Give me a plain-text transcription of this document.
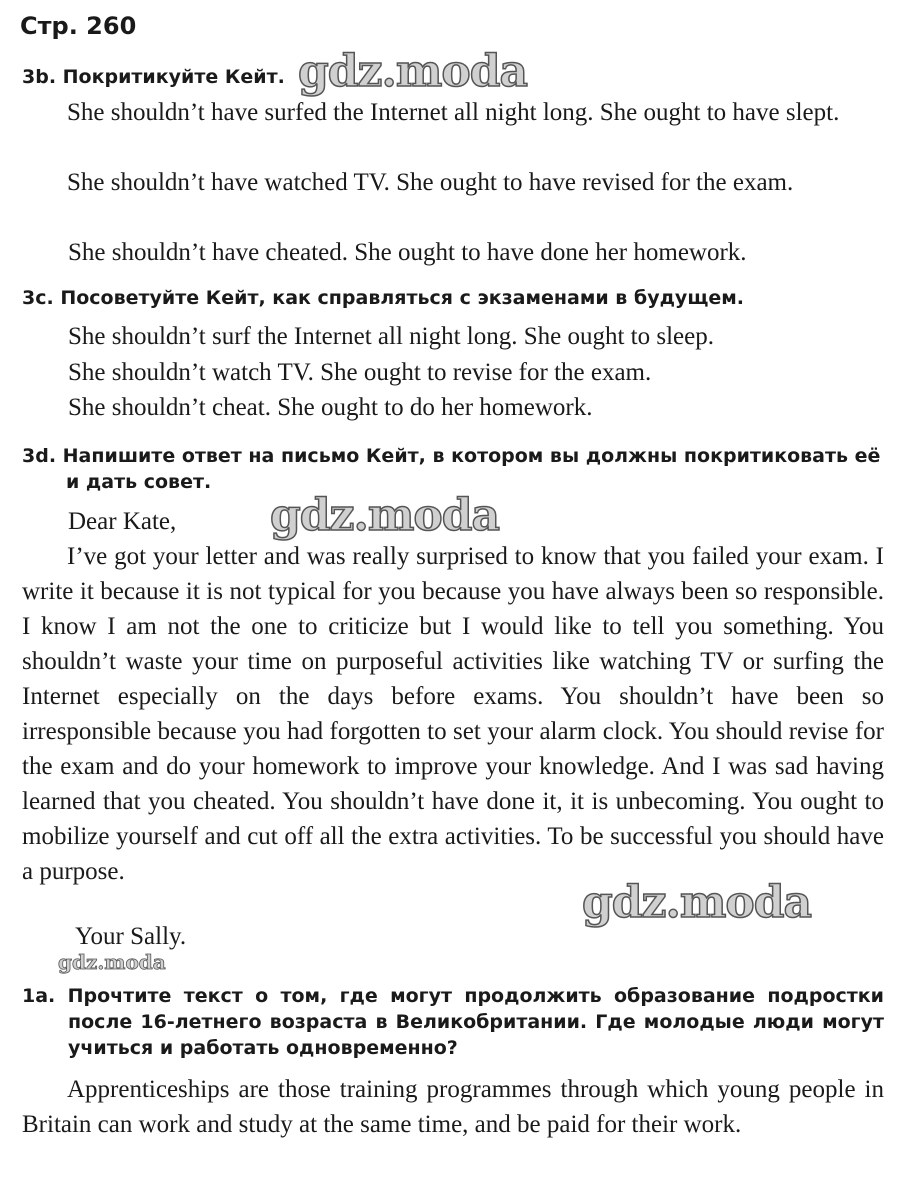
Стр. 260
3b. Покритикуйте Кейт. gdz.moda
She shouldn’t have surfed the Internet all night long. She ought to have slept.
She shouldn’t have watched TV. She ought to have revised for the exam.
She shouldn’t have cheated. She ought to have done her homework.
3c. Посоветуйте Кейт, как справляться с экзаменами в будущем.
She shouldn’t surf the Internet all night long. She ought to sleep.
She shouldn’t watch TV. She ought to revise for the exam.
She shouldn’t cheat. She ought to do her homework.
3d. Напишите ответ на письмо Кейт, в котором вы должны покритиковать её и дать совет.
Dear Kate, gdz.moda
I’ve got your letter and was really surprised to know that you failed your exam. I write it because it is not typical for you because you have always been so responsible. I know I am not the one to criticize but I would like to tell you something. You shouldn’t waste your time on purposeful activities like watching TV or surfing the Internet especially on the days before exams. You shouldn’t have been so irresponsible because you had forgotten to set your alarm clock. You should revise for the exam and do your homework to improve your knowledge. And I was sad having learned that you cheated. You shouldn’t have done it, it is unbecoming. You ought to mobilize yourself and cut off all the extra activities. To be successful you should have a purpose.
gdz.moda
Your Sally.
gdz.moda
1a. Прочтите текст о том, где могут продолжить образование подростки после 16-летнего возраста в Великобритании. Где молодые люди могут учиться и работать одновременно?
Apprenticeships are those training programmes through which young people in Britain can work and study at the same time, and be paid for their work.
